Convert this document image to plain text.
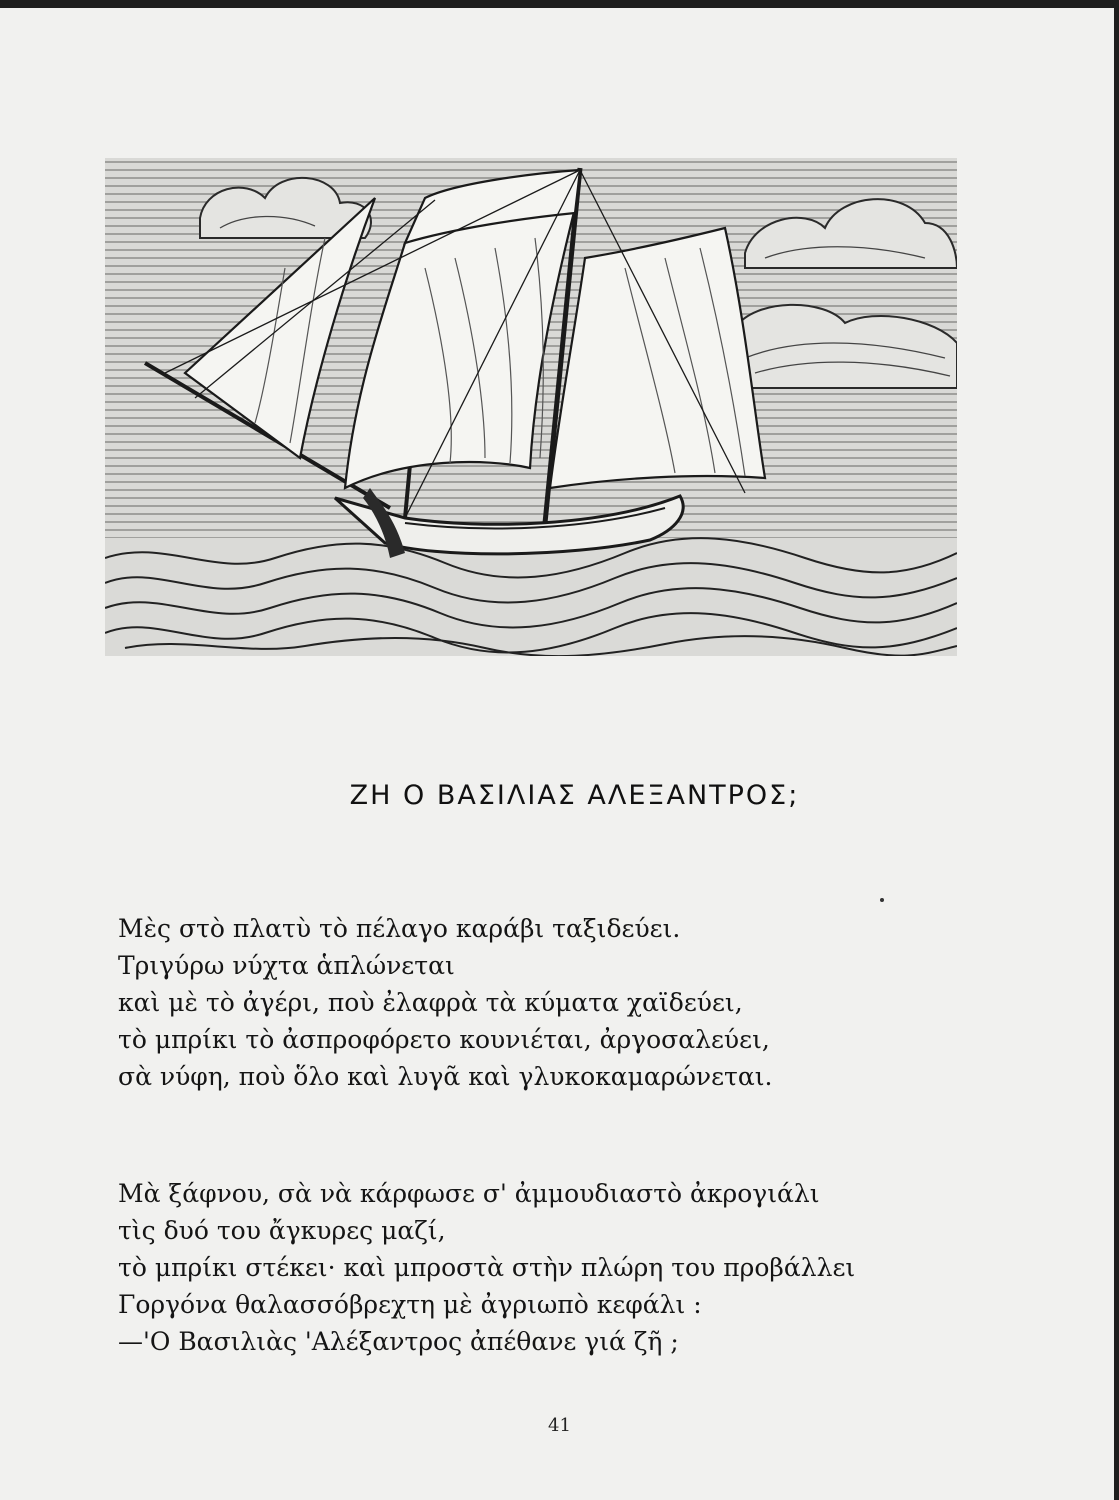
ΖΗ Ο ΒΑΣΙΛΙΑΣ ΑΛΕΞΑΝΤΡΟΣ;
Μὲς στὸ πλατὺ τὸ πέλαγο καράβι ταξιδεύει.
Τριγύρω νύχτα ἁπλώνεται
καὶ μὲ τὸ ἀγέρι, ποὺ ἐλαφρὰ τὰ κύματα χαϊδεύει,
τὸ μπρίκι τὸ ἀσπροφόρετο κουνιέται, ἀργοσαλεύει,
σὰ νύφη, ποὺ ὅλο καὶ λυγᾶ καὶ γλυκοκαμαρώνεται.
Μὰ ξάφνου, σὰ νὰ κάρφωσε σ' ἀμμουδιαστὸ ἀκρογιάλι
τὶς δυό του ἄγκυρες μαζί,
τὸ μπρίκι στέκει· καὶ μπροστὰ στὴν πλώρη του προβάλλει
Γοργόνα θαλασσόβρεχτη μὲ ἀγριωπὸ κεφάλι :
—'Ο Βασιλιὰς 'Αλέξαντρος ἀπέθανε γιά ζῆ ;
41
